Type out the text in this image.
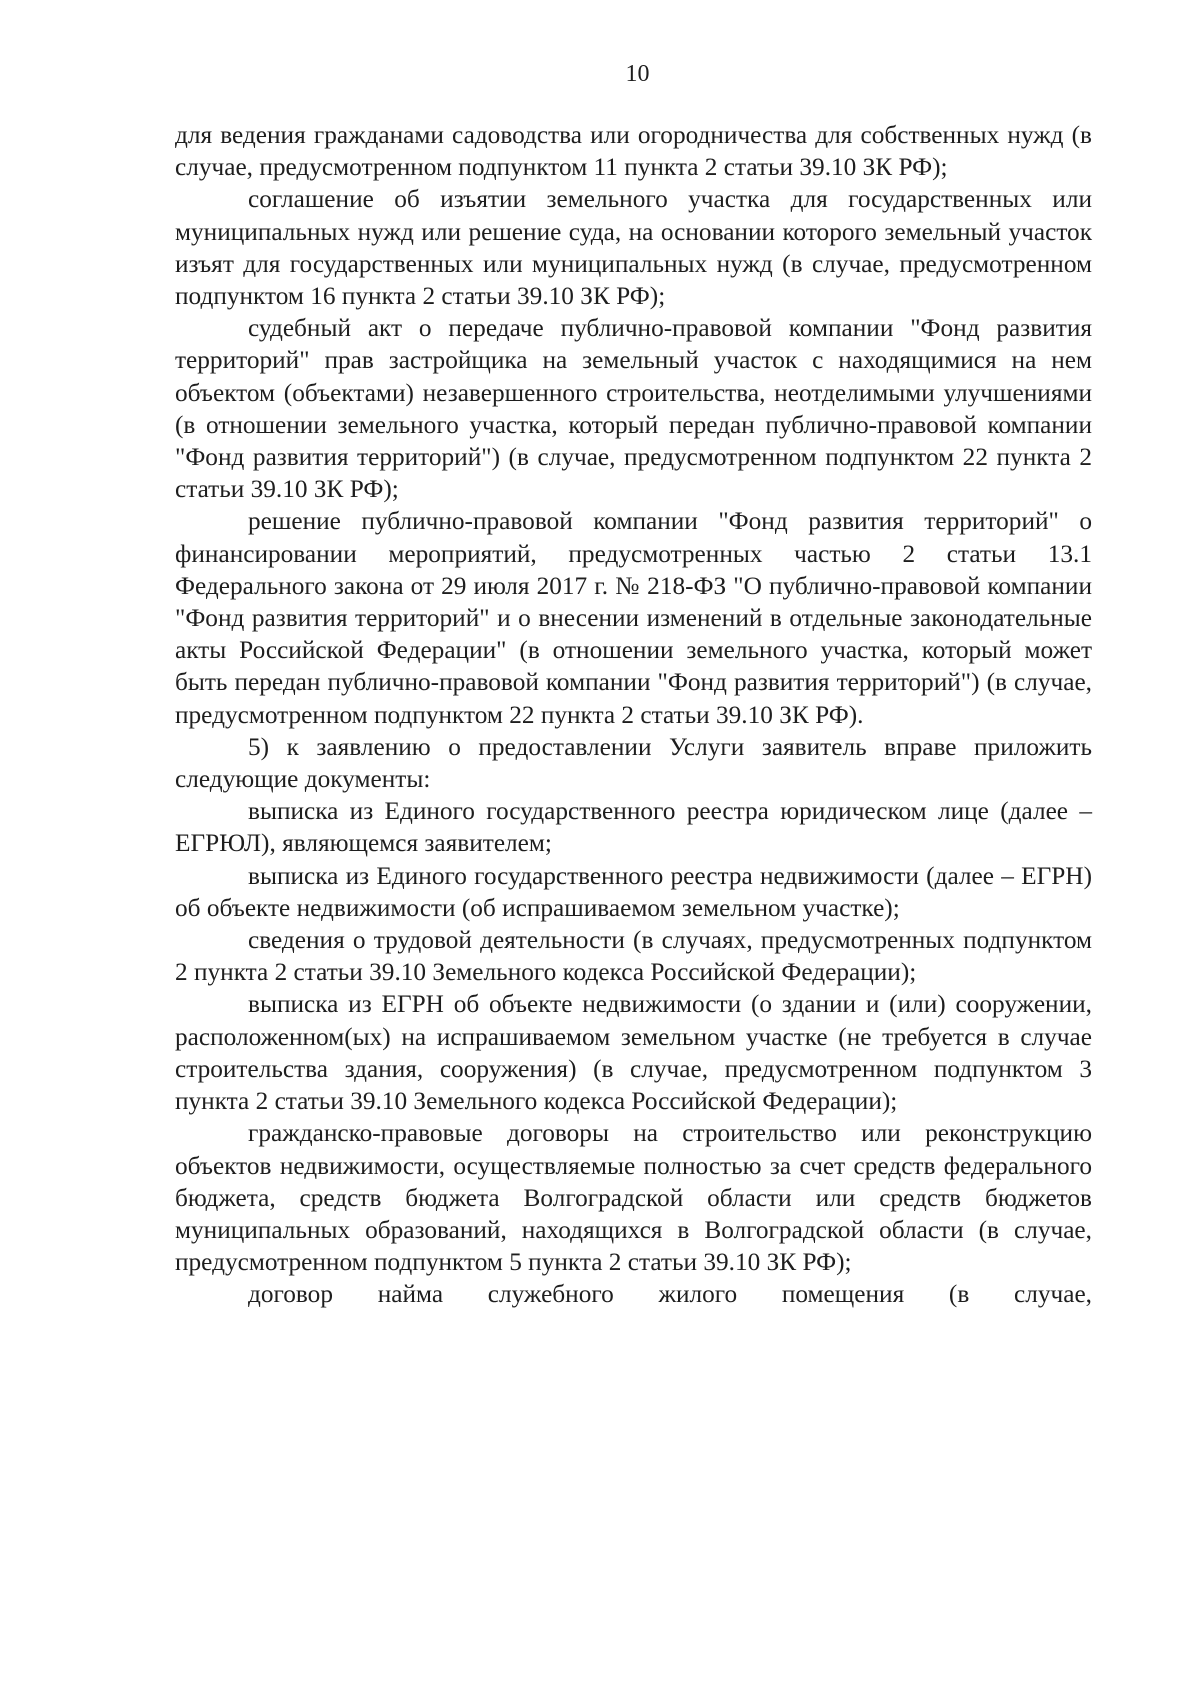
10

для ведения гражданами садоводства или огородничества для собственных нужд (в случае, предусмотренном подпунктом 11 пункта 2 статьи 39.10 ЗК РФ);

соглашение об изъятии земельного участка для государственных или муниципальных нужд или решение суда, на основании которого земельный участок изъят для государственных или муниципальных нужд (в случае, предусмотренном подпунктом 16 пункта 2 статьи 39.10 ЗК РФ);

судебный акт о передаче публично-правовой компании "Фонд развития территорий" прав застройщика на земельный участок с находящимися на нем объектом (объектами) незавершенного строительства, неотделимыми улучшениями (в отношении земельного участка, который передан публично-правовой компании "Фонд развития территорий") (в случае, предусмотренном подпунктом 22 пункта 2 статьи 39.10 ЗК РФ);

решение публично-правовой компании "Фонд развития территорий" о финансировании мероприятий, предусмотренных частью 2 статьи 13.1 Федерального закона от 29 июля 2017 г. № 218-ФЗ "О публично-правовой компании "Фонд развития территорий" и о внесении изменений в отдельные законодательные акты Российской Федерации" (в отношении земельного участка, который может быть передан публично-правовой компании "Фонд развития территорий") (в случае, предусмотренном подпунктом 22 пункта 2 статьи 39.10 ЗК РФ).

5) к заявлению о предоставлении Услуги заявитель вправе приложить следующие документы:

выписка из Единого государственного реестра юридическом лице (далее – ЕГРЮЛ), являющемся заявителем;

выписка из Единого государственного реестра недвижимости (далее – ЕГРН) об объекте недвижимости (об испрашиваемом земельном участке);

сведения о трудовой деятельности (в случаях, предусмотренных подпунктом 2 пункта 2 статьи 39.10 Земельного кодекса Российской Федерации);

выписка из ЕГРН об объекте недвижимости (о здании и (или) сооружении, расположенном(ых) на испрашиваемом земельном участке (не требуется в случае строительства здания, сооружения) (в случае, предусмотренном подпунктом 3 пункта 2 статьи 39.10 Земельного кодекса Российской Федерации);

гражданско-правовые договоры на строительство или реконструкцию объектов недвижимости, осуществляемые полностью за счет средств федерального бюджета, средств бюджета Волгоградской области или средств бюджетов муниципальных образований, находящихся в Волгоградской области (в случае, предусмотренном подпунктом 5 пункта 2 статьи 39.10 ЗК РФ);

договор найма служебного жилого помещения (в случае,
